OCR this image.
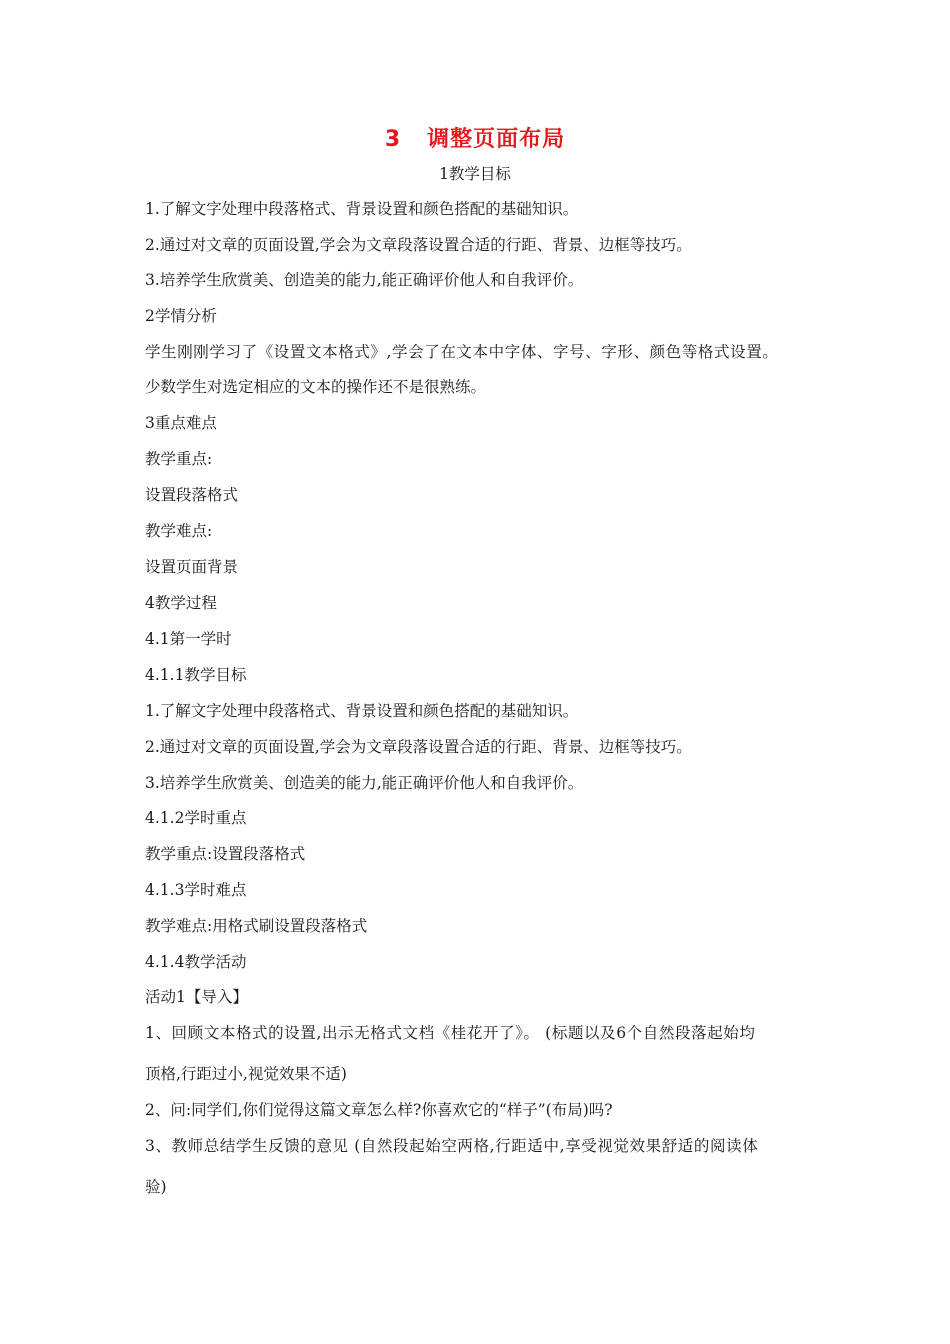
3   调整页面布局
1教学目标
1.了解文字处理中段落格式、背景设置和颜色搭配的基础知识。
2.通过对文章的页面设置,学会为文章段落设置合适的行距、背景、边框等技巧。
3.培养学生欣赏美、创造美的能力,能正确评价他人和自我评价。
2学情分析
学生刚刚学习了《设置文本格式》,学会了在文本中字体、字号、字形、颜色等格式设置。
少数学生对选定相应的文本的操作还不是很熟练。
3重点难点
教学重点:
设置段落格式
教学难点:
设置页面背景
4教学过程
4.1第一学时
4.1.1教学目标
1.了解文字处理中段落格式、背景设置和颜色搭配的基础知识。
2.通过对文章的页面设置,学会为文章段落设置合适的行距、背景、边框等技巧。
3.培养学生欣赏美、创造美的能力,能正确评价他人和自我评价。
4.1.2学时重点
教学重点:设置段落格式
4.1.3学时难点
教学难点:用格式刷设置段落格式
4.1.4教学活动
活动1【导入】
1、回顾文本格式的设置,出示无格式文档《桂花开了》。 (标题以及6个自然段落起始均
顶格,行距过小,视觉效果不适)
2、问:同学们,你们觉得这篇文章怎么样?你喜欢它的“样子”(布局)吗?
3、教师总结学生反馈的意见 (自然段起始空两格,行距适中,享受视觉效果舒适的阅读体
验)
